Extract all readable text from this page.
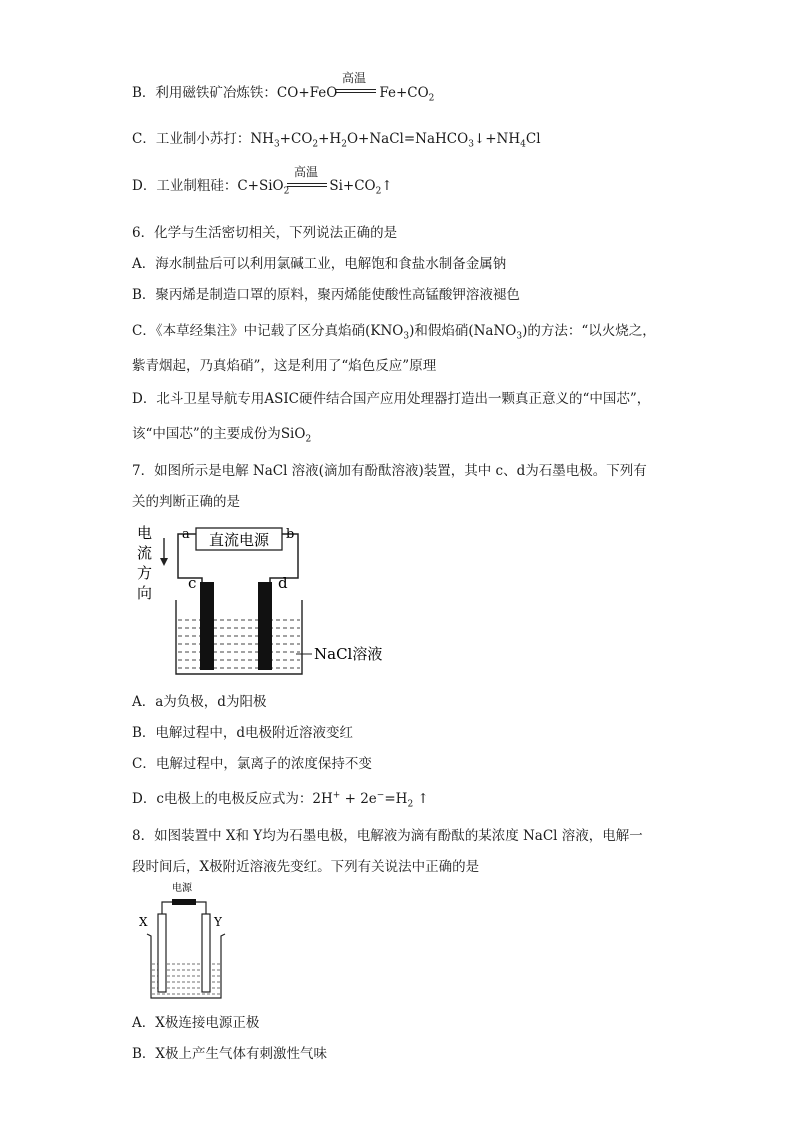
B．利用磁铁矿冶炼铁：CO+FeO	$Fe+CO_2$
高温
C．工业制小苏打：$NH_3+CO_2+H_2O+NaCl=NaHCO_3↓+NH_4Cl$
D．工业制粗硅：C+SiO$_2$	$Si+CO_2↑$
高温
6．化学与生活密切相关，下列说法正确的是
A．海水制盐后可以利用氯碱工业，电解饱和食盐水制备金属钠
B．聚丙烯是制造口罩的原料，聚丙烯能使酸性高锰酸钾溶液褪色
C．《本草经集注》中记载了区分真焰硝$(KNO_3)$和假焰硝(NaNO$_3$)的方法：“以火烧之，
紫青烟起，乃真焰硝”，这是利用了“焰色反应”原理
D．北斗卫星导航专用ASIC硬件结合国产应用处理器打造出一颗真正意义的“中国芯”，
该“中国芯”的主要成份为SiO$_2$
7．如图所示是电解 NaCl 溶液(滴加有酚酞溶液)装置，其中 c、d为石墨电极。下列有
关的判断正确的是
直流电源
a	b
电
流
方
向
c	d
NaCl溶液
A．a为负极，d为阳极
B．电解过程中，d电极附近溶液变红
C．电解过程中，氯离子的浓度保持不变
D．c电极上的电极反应式为：$2H^+ + 2e^-=H_2$ ↑
8．如图装置中 X和 Y均为石墨电极，电解液为滴有酚酞的某浓度 NaCl 溶液，电解一
段时间后，X极附近溶液先变红。下列有关说法中正确的是
电源
X	Y
A．X极连接电源正极
B．X极上产生气体有刺激性气味
